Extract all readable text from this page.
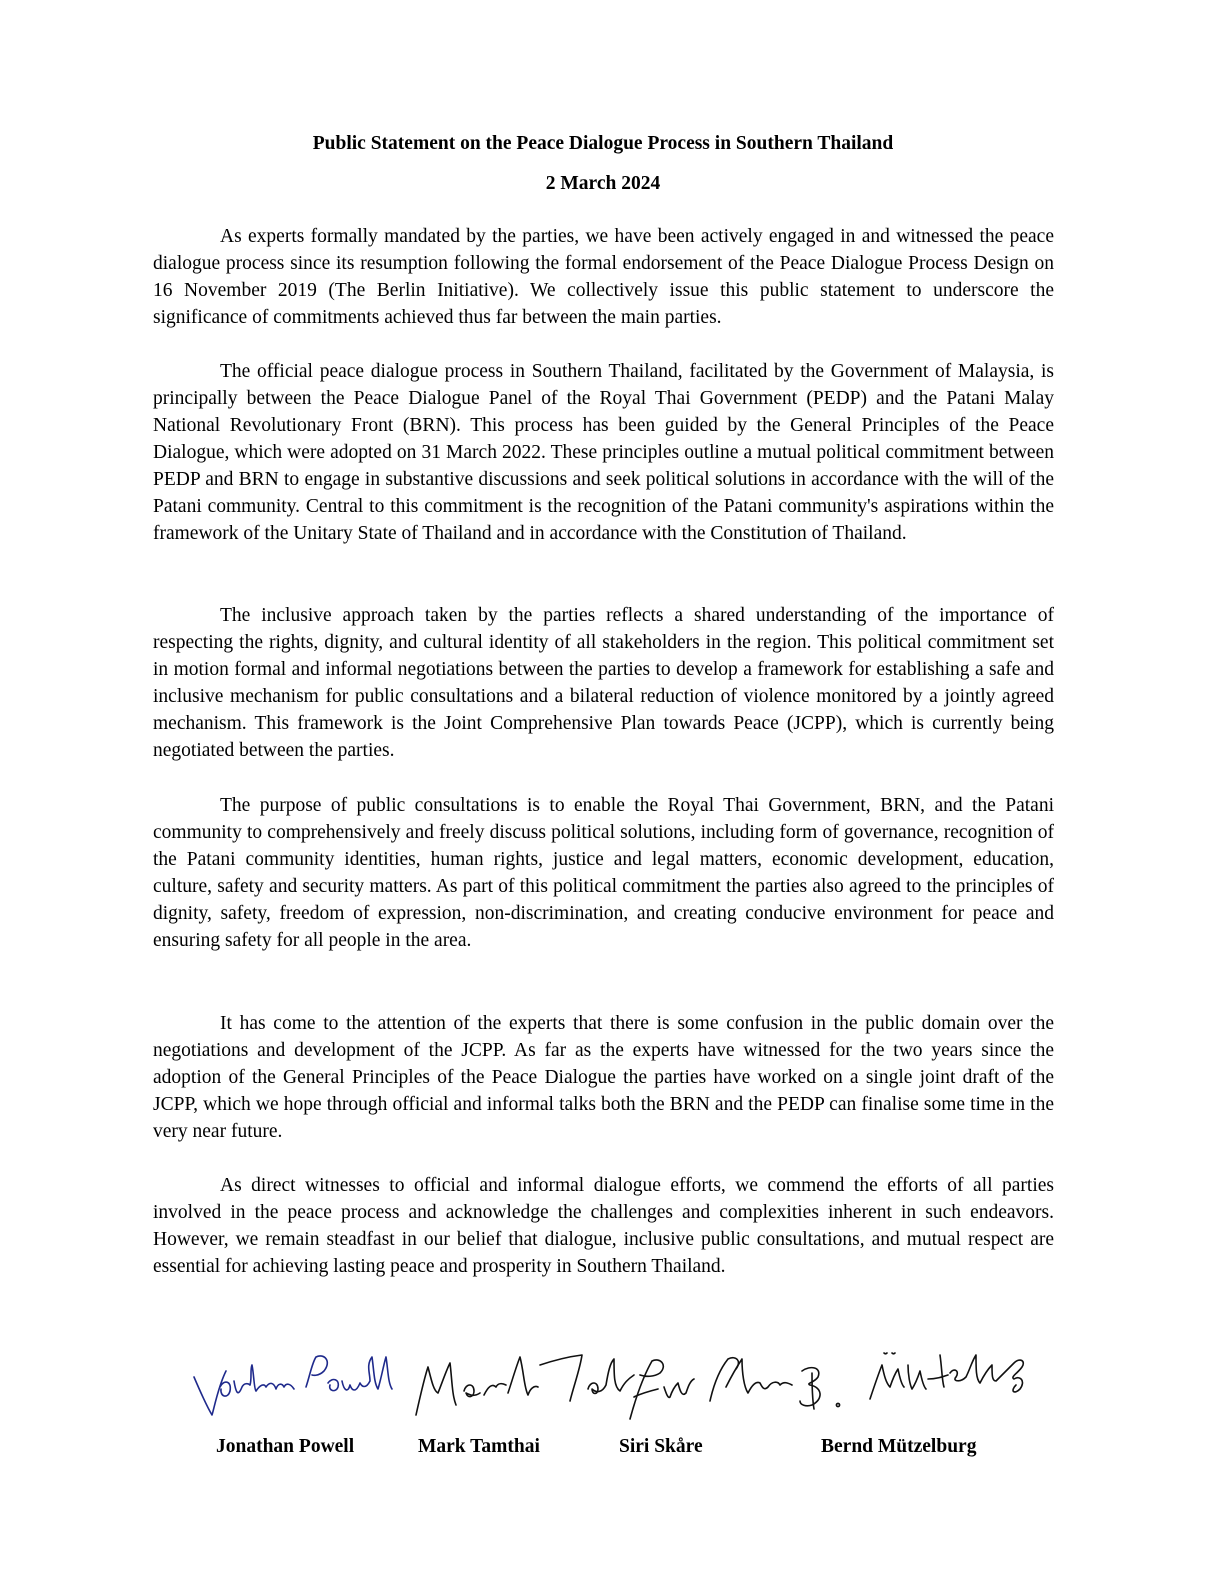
Public Statement on the Peace Dialogue Process in Southern Thailand
2 March 2024

As experts formally mandated by the parties, we have been actively engaged in and witnessed the peace dialogue process since its resumption following the formal endorsement of the Peace Dialogue Process Design on 16 November 2019 (The Berlin Initiative). We collectively issue this public statement to underscore the significance of commitments achieved thus far between the main parties.

The official peace dialogue process in Southern Thailand, facilitated by the Government of Malaysia, is principally between the Peace Dialogue Panel of the Royal Thai Government (PEDP) and the Patani Malay National Revolutionary Front (BRN). This process has been guided by the General Principles of the Peace Dialogue, which were adopted on 31 March 2022. These principles outline a mutual political commitment between PEDP and BRN to engage in substantive discussions and seek political solutions in accordance with the will of the Patani community. Central to this commitment is the recognition of the Patani community's aspirations within the framework of the Unitary State of Thailand and in accordance with the Constitution of Thailand.

The inclusive approach taken by the parties reflects a shared understanding of the importance of respecting the rights, dignity, and cultural identity of all stakeholders in the region. This political commitment set in motion formal and informal negotiations between the parties to develop a framework for establishing a safe and inclusive mechanism for public consultations and a bilateral reduction of violence monitored by a jointly agreed mechanism. This framework is the Joint Comprehensive Plan towards Peace (JCPP), which is currently being negotiated between the parties.

The purpose of public consultations is to enable the Royal Thai Government, BRN, and the Patani community to comprehensively and freely discuss political solutions, including form of governance, recognition of the Patani community identities, human rights, justice and legal matters, economic development, education, culture, safety and security matters. As part of this political commitment the parties also agreed to the principles of dignity, safety, freedom of expression, non-discrimination, and creating conducive environment for peace and ensuring safety for all people in the area.

It has come to the attention of the experts that there is some confusion in the public domain over the negotiations and development of the JCPP. As far as the experts have witnessed for the two years since the adoption of the General Principles of the Peace Dialogue the parties have worked on a single joint draft of the JCPP, which we hope through official and informal talks both the BRN and the PEDP can finalise some time in the very near future.

As direct witnesses to official and informal dialogue efforts, we commend the efforts of all parties involved in the peace process and acknowledge the challenges and complexities inherent in such endeavors. However, we remain steadfast in our belief that dialogue, inclusive public consultations, and mutual respect are essential for achieving lasting peace and prosperity in Southern Thailand.

Jonathan Powell	Mark Tamthai	Siri Skåre	Bernd Mützelburg
